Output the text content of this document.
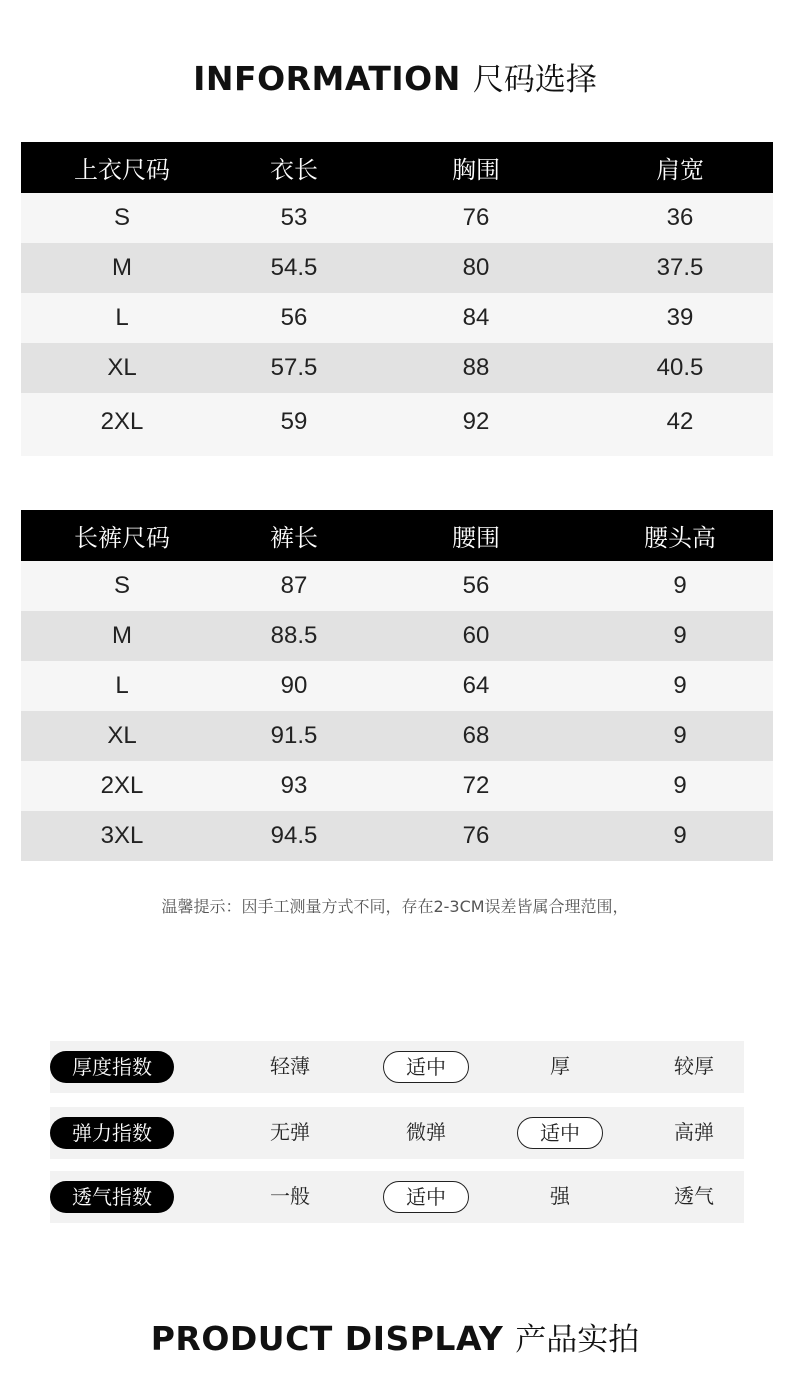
INFORMATION 尺码选择
上衣尺码	衣长	胸围	肩宽
S	53	76	36
M	54.5	80	37.5
L	56	84	39
XL	57.5	88	40.5
2XL	59	92	42
长裤尺码	裤长	腰围	腰头高
S	87	56	9
M	88.5	60	9
L	90	64	9
XL	91.5	68	9
2XL	93	72	9
3XL	94.5	76	9
温馨提示：因手工测量方式不同，存在2-3CM误差皆属合理范围，
厚度指数	轻薄	适中	厚	较厚
弹力指数	无弹	微弹	适中	高弹
透气指数	一般	适中	强	透气
PRODUCT DISPLAY 产品实拍
